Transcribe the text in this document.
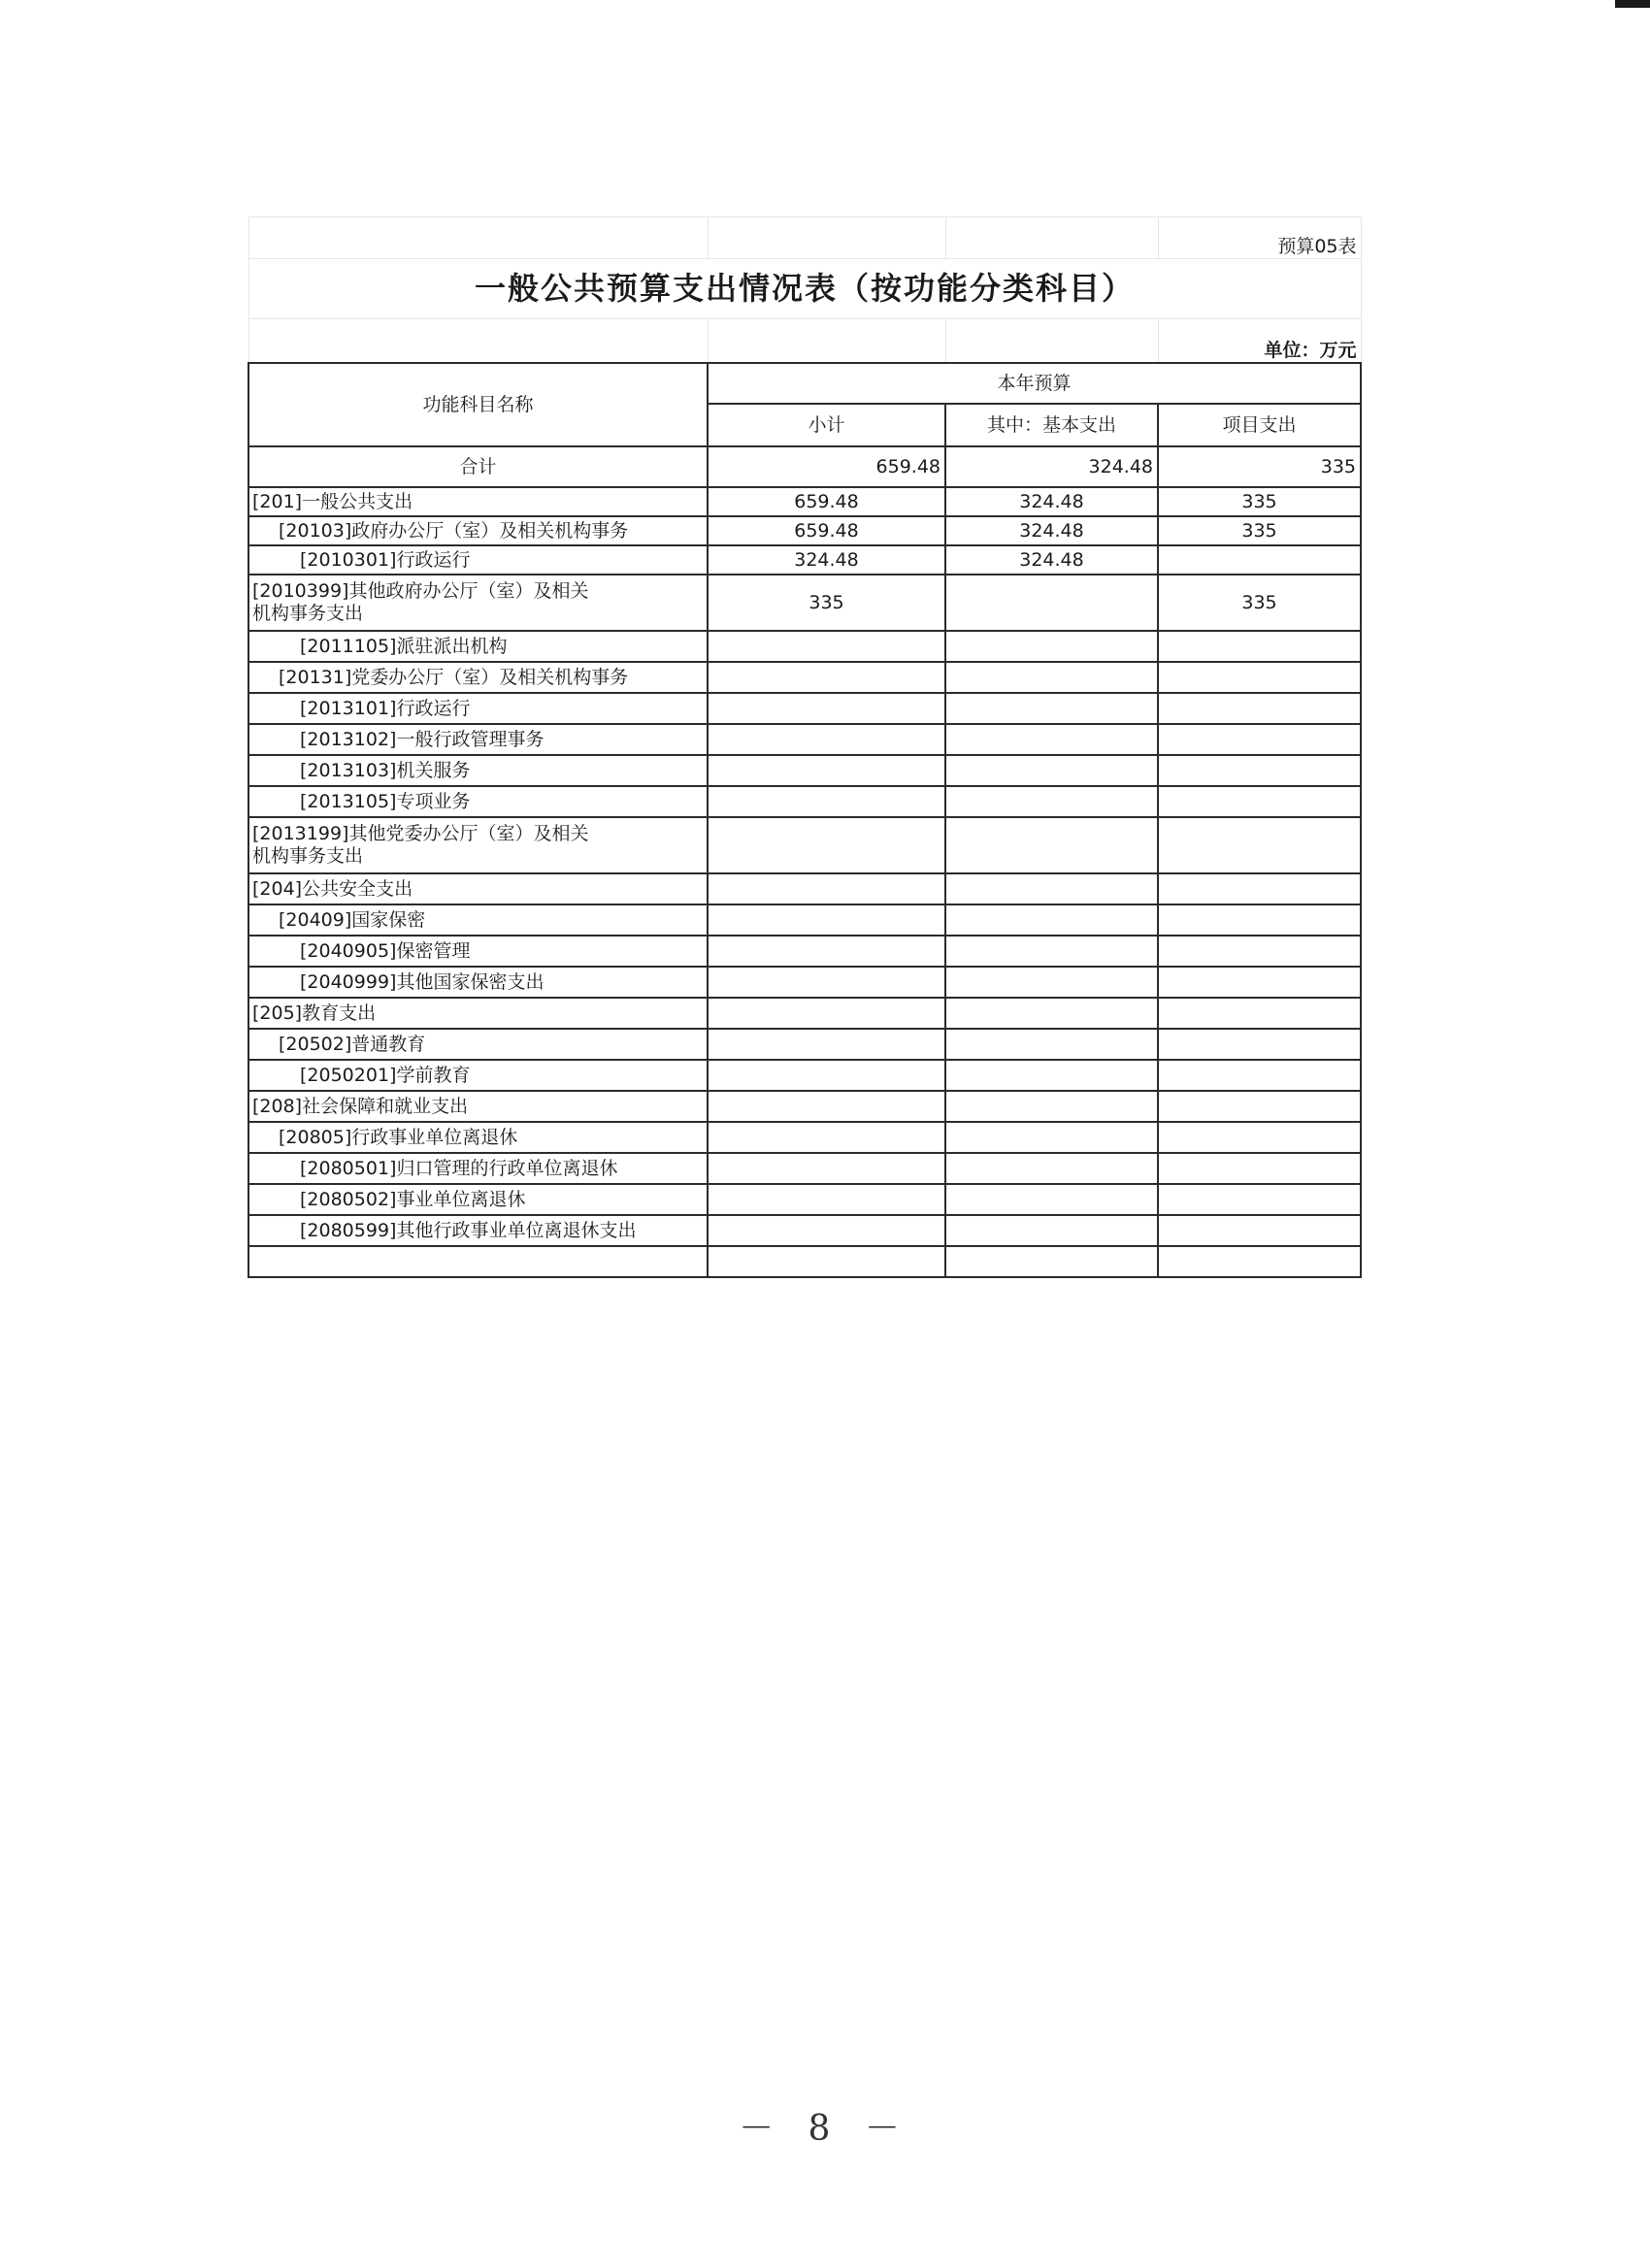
			预算05表
一般公共预算支出情况表（按功能分类科目）			
			单位：万元
功能科目名称	本年预算		
	小计	其中：基本支出	项目支出
合计	659.48	324.48	335
[201]一般公共支出	659.48	324.48	335
[20103]政府办公厅（室）及相关机构事务	659.48	324.48	335
[2010301]行政运行	324.48	324.48	
[2010399]其他政府办公厅（室）及相关
机构事务支出	335		335
[2011105]派驻派出机构			
[20131]党委办公厅（室）及相关机构事务			
[2013101]行政运行			
[2013102]一般行政管理事务			
[2013103]机关服务			
[2013105]专项业务			
[2013199]其他党委办公厅（室）及相关
机构事务支出			
[204]公共安全支出			
[20409]国家保密			
[2040905]保密管理			
[2040999]其他国家保密支出			
[205]教育支出			
[20502]普通教育			
[2050201]学前教育			
[208]社会保障和就业支出			
[20805]行政事业单位离退休			
[2080501]归口管理的行政单位离退休			
[2080502]事业单位离退休			
[2080599]其他行政事业单位离退休支出			

－ 8 －
